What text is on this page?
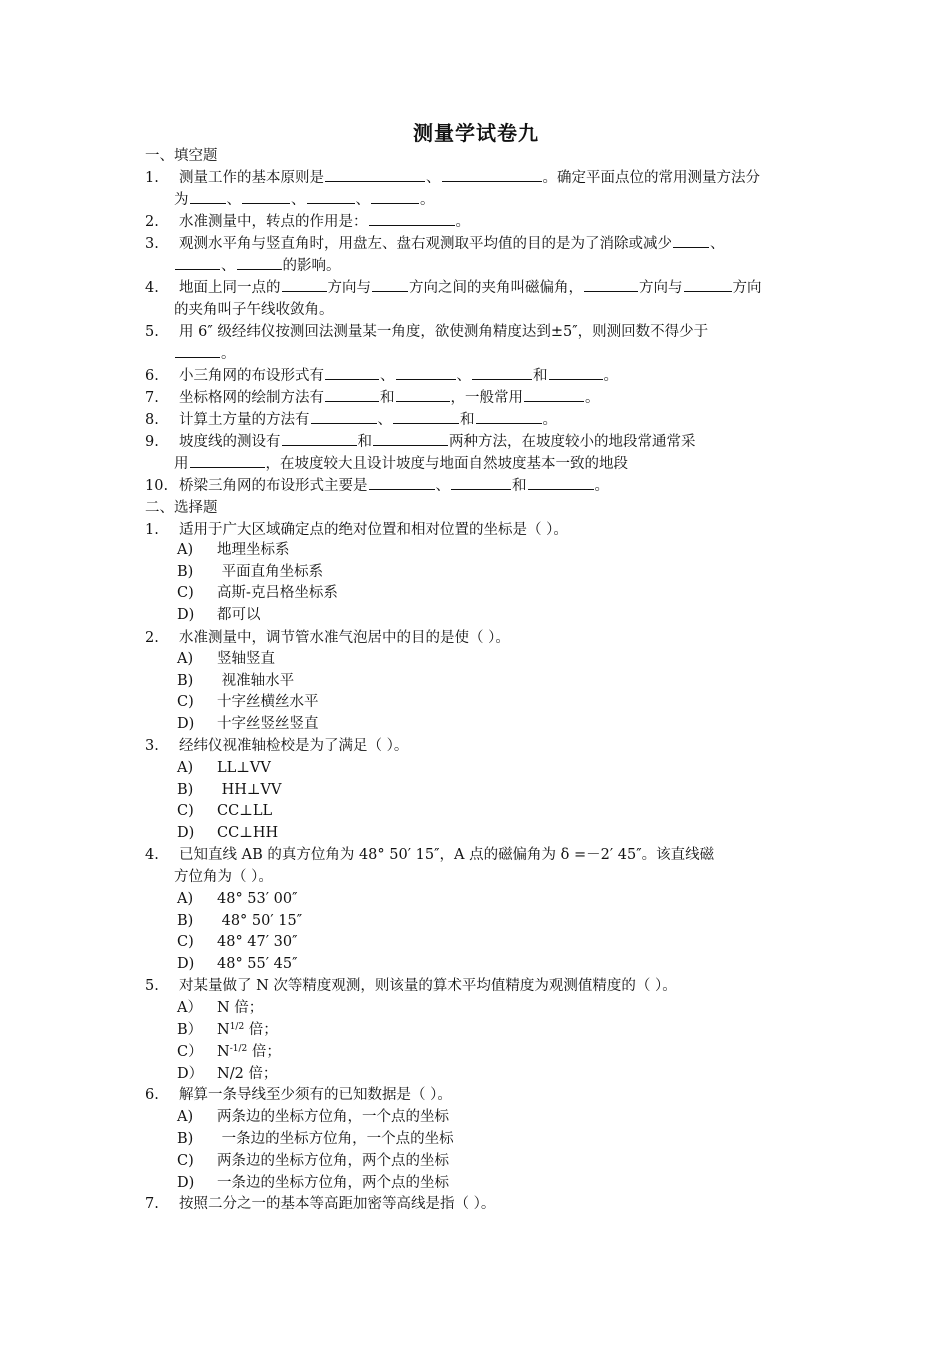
测量学试卷九
一、填空题
1. 测量工作的基本原则是	、	。确定平面点位的常用测量方法分
为	、	、	、	。
2. 水准测量中，转点的作用是：	。
3. 观测水平角与竖直角时，用盘左、盘右观测取平均值的目的是为了消除或减少	、
、	的影响。
4. 地面上同一点的	方向与	方向之间的夹角叫磁偏角，	方向与	方向
的夹角叫子午线收敛角。
5. 用 6″ 级经纬仪按测回法测量某一角度，欲使测角精度达到±5″，则测回数不得少于
。
6. 小三角网的布设形式有	、	、	和	。
7. 坐标格网的绘制方法有	和	，一般常用	。
8. 计算土方量的方法有	、	和	。
9. 坡度线的测设有	和	两种方法，在坡度较小的地段常通常采
用	，在坡度较大且设计坡度与地面自然坡度基本一致的地段
10. 桥梁三角网的布设形式主要是	、	和	。
二、选择题
1. 适用于广大区域确定点的绝对位置和相对位置的坐标是（ ）。
A) 地理坐标系
B) 平面直角坐标系
C) 高斯-克吕格坐标系
D) 都可以
2. 水准测量中，调节管水准气泡居中的目的是使（ ）。
A) 竖轴竖直
B) 视准轴水平
C) 十字丝横丝水平
D) 十字丝竖丝竖直
3. 经纬仪视准轴检校是为了满足（ ）。
A) LL⊥VV
B) HH⊥VV
C) CC⊥LL
D) CC⊥HH
4. 已知直线 AB 的真方位角为 48° 50′ 15″，A 点的磁偏角为 δ =－2′ 45″。该直线磁
方位角为（ ）。
A) 48° 53′ 00″
B) 48° 50′ 15″
C) 48° 47′ 30″
D) 48° 55′ 45″
5. 对某量做了 N 次等精度观测，则该量的算术平均值精度为观测值精度的（ ）。
A） N 倍；
B） $N^{1/2}$ 倍；
C） $N^{-1/2}$ 倍；
D） N/2 倍；
6. 解算一条导线至少须有的已知数据是（ ）。
A) 两条边的坐标方位角，一个点的坐标
B) 一条边的坐标方位角，一个点的坐标
C) 两条边的坐标方位角，两个点的坐标
D) 一条边的坐标方位角，两个点的坐标
7. 按照二分之一的基本等高距加密等高线是指（ ）。
